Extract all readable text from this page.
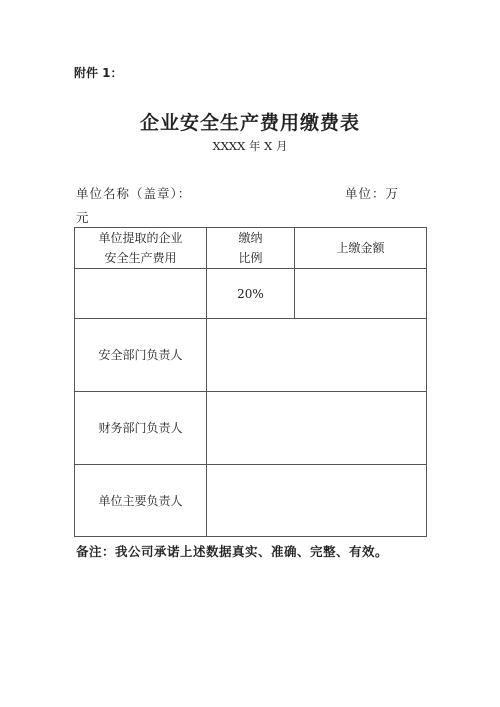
附件 1：
企业安全生产费用缴费表
XXXX 年 X 月
单位名称（盖章）：	单位：万
元
单位提取的企业
安全生产费用
缴纳
比例
上缴金额
20%
安全部门负责人
财务部门负责人
单位主要负责人
备注：我公司承诺上述数据真实、准确、完整、有效。
